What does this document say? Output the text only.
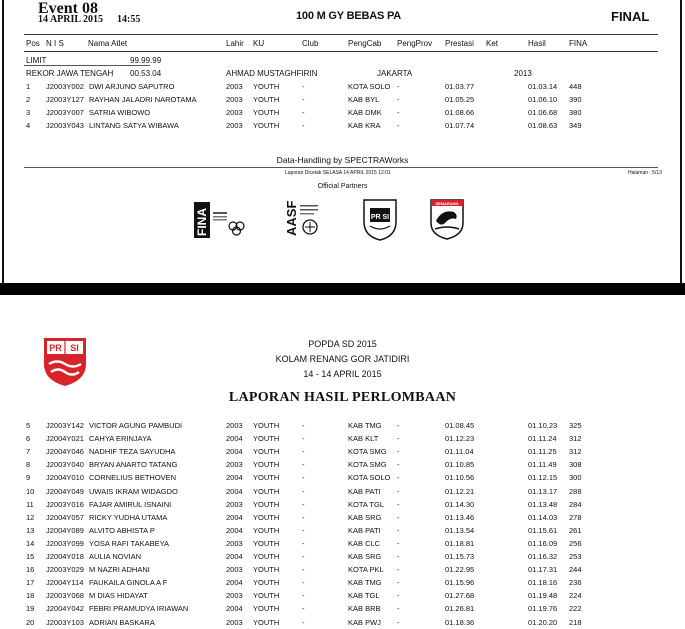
Event 08
14 APRIL 2015 14:55	100 M GY BEBAS PA	FINAL
Pos N I S	Nama Atlet	Lahir KU	Club	PengCab PengProv Prestasi Ket	Hasil	FINA
LIMIT	99.99.99
REKOR JAWA TENGAH 00.53.04	AHMAD MUSTAGHFIRIN	JAKARTA	2013
1 J2003Y002 DWI ARJUNO SAPUTRO	2003 YOUTH	-	KOTA SOLO -	01.03.77	01.03.14 448
2 J2003Y127 RAYHAN JALADRI NAROTAMA	2003 YOUTH	-	KAB BYL -	01.05.25	01.06.10 390
3 J2003Y007 SATRIA WIBOWO	2003 YOUTH	-	KAB DMK -	01.08.66	01.06.68 380
4 J2003Y043 LINTANG SATYA WIBAWA	2003 YOUTH	-	KAB KRA -	01.07.74	01.08.63 349
Data-Handling by SPECTRAWorks
Laporan Dicetak SELASA 14 APRIL 2015 12:01	Halaman : 5/13
Official Partners
FINA	AASF	PR SI
SEMARANG
PR SI	POPDA SD 2015
KOLAM RENANG GOR JATIDIRI
14 - 14 APRIL 2015
LAPORAN HASIL PERLOMBAAN
5 J2003Y142 VICTOR AGUNG PAMBUDI	2003 YOUTH	-	KAB TMG -	01.08.45	01.10.23 325
6 J2004Y021 CAHYA ERINJAYA	2004 YOUTH	-	KAB KLT -	01.12.23	01.11.24 312
7 J2004Y046 NADHIF TEZA SAYUDHA	2004 YOUTH	-	KOTA SMG -	01.11.04	01.11.25 312
8 J2003Y040 BRYAN ANARTO TATANG	2003 YOUTH	-	KOTA SMG -	01.10.85	01.11.49 308
9 J2004Y010 CORNELIUS BETHOVEN	2004 YOUTH	-	KOTA SOLO -	01.10.56	01.12.15 300
10 J2004Y049 UWAIS IKRAM WIDAGDO	2004 YOUTH	-	KAB PATI -	01.12.21	01.13.17 288
11 J2003Y016 FAJAR AMIRUL ISNAINI	2003 YOUTH	-	KOTA TGL -	01.14.30	01.13.48 284
12 J2004Y057 RICKY YUDHA UTAMA	2004 YOUTH	-	KAB SRG -	01.13.46	01.14.03 278
13 J2004Y089 ALVITO ABHISTA P	2004 YOUTH	-	KAB PATI -	01.13.54	01.15.61 261
14 J2003Y099 YOSA RAFI TAKABEYA	2003 YOUTH	-	KAB CLC -	01.18.81	01.16.09 256
15 J2004Y018 AULIA NOVIAN	2004 YOUTH	-	KAB SRG -	01.15.73	01.16.32 253
16 J2003Y029 M NAZRI ADHANI	2003 YOUTH	-	KOTA PKL -	01.22.95	01.17.31 244
17 J2004Y114 FAUKAILA GINOLA A F	2004 YOUTH	-	KAB TMG -	01.15.96	01.18.16 236
18 J2003Y068 M DIAS HIDAYAT	2003 YOUTH	-	KAB TGL -	01.27.68	01.19.48 224
19 J2004Y042 FEBRI PRAMUDYA IRIAWAN	2004 YOUTH	-	KAB BRB -	01.26.81	01.19.76 222
20 J2003Y103 ADRIAN BASKARA	2003 YOUTH	-	KAB PWJ -	01.18.36	01.20.20 218
